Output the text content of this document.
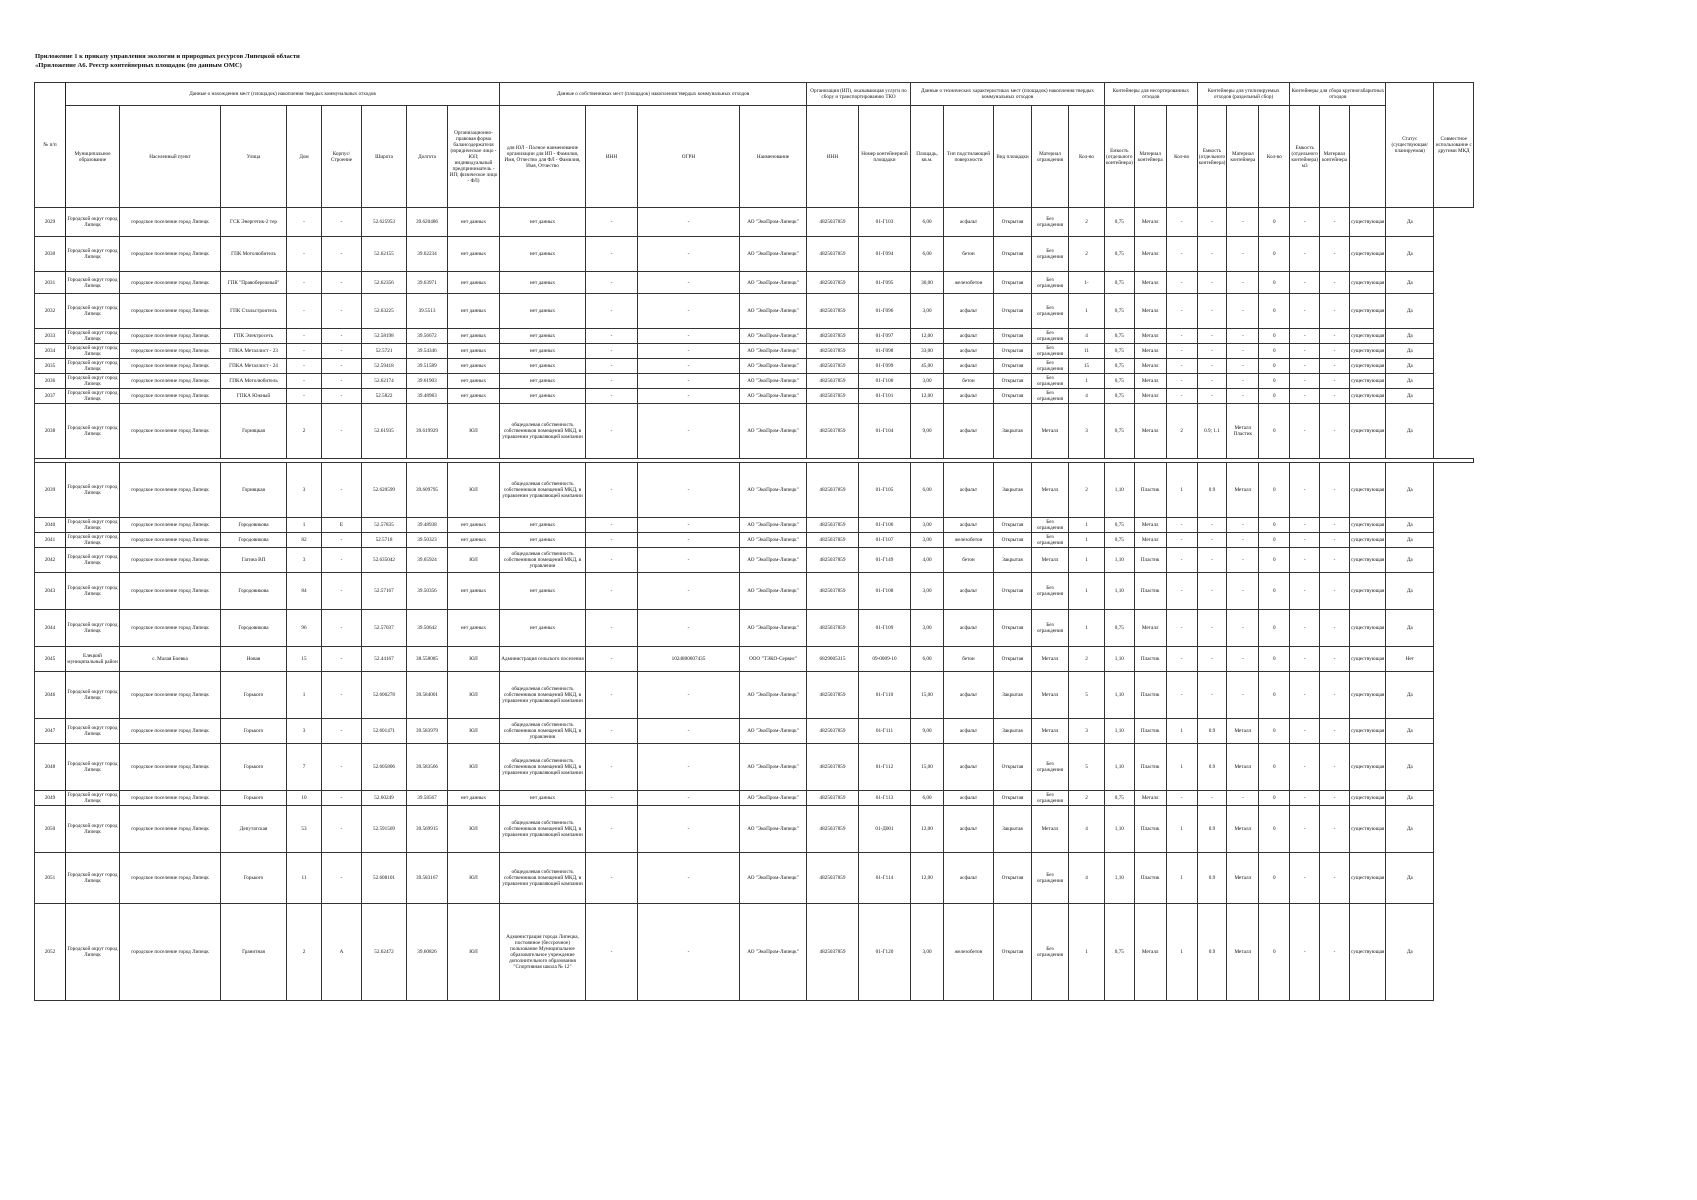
Приложение 1 к приказу управления экологии и природных ресурсов Липецкой области
«Приложение А6. Реестр контейнерных площадок (по данным ОМС)
№ п/п	Данные о нахождении мест (площадок) накопления твердых коммунальных отходов								Данные о собственниках мест (площадок) накопления твердых коммунальных отходов				Организация (ИП), оказывающая услуги по сбору и транспортированию ТКО		Данные о технических характеристиках мест (площадок) накопления твердых коммунальных отходов					Контейнеры для несортированных отходов			Контейнеры для утилизируемых отходов (раздельный сбор)			Контейнеры для сбора крупногабаритных отходов			Статус (существующая/ планируемая)	Совместное использование с другими МКД
	Муниципальное образование	Населенный пункт	Улица	Дом	Корпус/Строение	Широта	Долгота	Организационно-правовая форма балансодержателя (юридическое лицо - ЮЛ; индивидуальный предприниматель - ИП; физическое лицо - ФЛ)	для ЮЛ - Полное наименование организации для ИП - Фамилия, Имя, Отчество для ФЛ - Фамилия, Имя, Отчество	ИНН	ОГРН	Наименование	ИНН	Номер контейнерной площадки	Площадь, кв.м.	Тип подстилающей поверхности	Вид площадки	Материал ограждения	Кол-во	Емкость (отдельного контейнера)	Материал контейнера	Кол-во	Емкость (отдельного контейнера)	Материал контейнера	Кол-во	Емкость (отдельного контейнера) м3	Материал контейнера			
2029	Городской округ город Липецк	городское поселение город Липецк	ГСК Энергетик-2 тер	-	-	52.625953	39.620486	нет данных	нет данных	-	-	АО "ЭкоПром-Липецк"	4825037859	01-Г103	6,00	асфальт	Открытая	Без ограждения	2	0,75	Металл	-	-	-	0	-	-	существующая	Да	
2030	Городской округ город Липецк	городское поселение город Липецк	ГПК Мотолюбитель	-	-	52.62155	39.62234	нет данных	нет данных	-	-	АО "ЭкоПром-Липецк"	4825037859	01-Г094	6,00	бетон	Открытая	Без ограждения	2	0,75	Металл	-	-	-	0	-	-	существующая	Да	
2031	Городской округ город Липецк	городское поселение город Липецк	ГПК "Правобережный"	-	-	52.62356	39.63971	нет данных	нет данных	-	-	АО "ЭкоПром-Липецк"	4825037859	01-Г095	30,00	железобетон	Открытая	Без ограждения	1-	0,75	Металл	-	-	-	0	-	-	существующая	Да	
2032	Городской округ город Липецк	городское поселение город Липецк	ГПК Стальстроитель	-	-	52.63225	39.5513	нет данных	нет данных	-	-	АО "ЭкоПром-Липецк"	4825037859	01-Г096	3,00	асфальт	Открытая	Без ограждения	1	0,75	Металл	-	-	-	0	-	-	существующая	Да	
2033	Городской округ город Липецк	городское поселение город Липецк	ГПК Электросеть	-	-	52.58198	39.56672	нет данных	нет данных	-	-	АО "ЭкоПром-Липецк"	4825037859	01-Г097	12,00	асфальт	Открытая	Без ограждения	4	0,75	Металл	-	-	-	0	-	-	существующая	Да	
2034	Городской округ город Липецк	городское поселение город Липецк	ГПКА Металлист - 23	-	-	52.5721	39.54346	нет данных	нет данных	-	-	АО "ЭкоПром-Липецк"	4825037859	01-Г098	33,00	асфальт	Открытая	Без ограждения	11	0,75	Металл	-	-	-	0	-	-	существующая	Да	
2035	Городской округ город Липецк	городское поселение город Липецк	ГПКА Металлист - 24	-	-	52.59418	39.51589	нет данных	нет данных	-	-	АО "ЭкоПром-Липецк"	4825037859	01-Г099	45,00	асфальт	Открытая	Без ограждения	15	0,75	Металл	-	-	-	0	-	-	существующая	Да	
2036	Городской округ город Липецк	городское поселение город Липецк	ГПКА Мотолюбитель	-	-	52.62174	39.61903	нет данных	нет данных	-	-	АО "ЭкоПром-Липецк"	4825037859	01-Г100	3,00	бетон	Открытая	Без ограждения	1	0,75	Металл	-	-	-	0	-	-	существующая	Да	
2037	Городской округ город Липецк	городское поселение город Липецк	ГПКА Южный	-	-	52.5822	39.48983	нет данных	нет данных	-	-	АО "ЭкоПром-Липецк"	4825037859	01-Г101	12,00	асфальт	Открытая	Без ограждения	4	0,75	Металл	-	-	-	0	-	-	существующая	Да	
2038	Городской округ город Липецк	городское поселение город Липецк	Горняцкая	2	-	52.61935	39.619929	ЮЛ	общедолевая собственность собственников помещений МКД, в управлении управляющей компании	-	-	АО "ЭкоПром-Липецк"	4825037859	01-Г104	9,00	асфальт	Закрытая	Металл	3	0,75	Металл	2	0.9; 1.1	Металл Пластик	0	-	-	существующая	Да	

2039	Городской округ город Липецк	городское поселение город Липецк	Горняцкая	3	-	52.620599	39.609795	ЮЛ	общедолевая собственность собственников помещений МКД, в управлении управляющей компании	-	-	АО "ЭкоПром-Липецк"	4825037859	01-Г105	6,00	асфальт	Закрытая	Металл	2	1,10	Пластик	1	0.9	Металл	0	-	-	существующая	Да	
2040	Городской округ город Липецк	городское поселение город Липецк	Городовикова	1	Е	52.57835	39.48938	нет данных	нет данных	-	-	АО "ЭкоПром-Липецк"	4825037859	01-Г106	3,00	асфальт	Открытая	Без ограждения	1	0,75	Металл	-	-	-	0	-	-	существующая	Да	
2041	Городской округ город Липецк	городское поселение город Липецк	Городовикова	82	-	52.5718	39.50323	нет данных	нет данных	-	-	АО "ЭкоПром-Липецк"	4825037859	01-Г107	3,00	железобетон	Открытая	Без ограждения	1	0,75	Металл	-	-	-	0	-	-	существующая	Да	
2042	Городской округ город Липецк	городское поселение город Липецк	Гагина ВП	3	-	52.635042	39.65924	ЮЛ	общедолевая собственность собственников помещений МКД, в управлении	-	-	АО "ЭкоПром-Липецк"	4825037859	01-Г149	4,00	бетон	Закрытая	Металл	1	1,10	Пластик	-	-	-	0	-	-	существующая	Да	
2043	Городской округ город Липецк	городское поселение город Липецк	Городовикова	84	-	52.57167	39.50356	нет данных	нет данных	-	-	АО "ЭкоПром-Липецк"	4825037859	01-Г108	3,00	асфальт	Открытая	Без ограждения	1	1,10	Пластик	-	-	-	0	-	-	существующая	Да	
2044	Городской округ город Липецк	городское поселение город Липецк	Городовикова	96	-	52.57037	39.50642	нет данных	нет данных	-	-	АО "ЭкоПром-Липецк"	4825037859	01-Г109	3,00	асфальт	Открытая	Без ограждения	1	0,75	Металл	-	-	-	0	-	-	существующая	Да	
2045	Елецкий муниципальный район	с. Малая Боевка	Новая	15	-	52.44167	38.558085	ЮЛ	Администрация сельского поселения	-	1024800607435	ООО "ТЭКО-Сервис"	6829005315	09-0009-10	6,00	бетон	Открытая	Металл	2	1,10	Пластик	-	-	-	0	-	-	существующая	Нет	
2046	Городской округ город Липецк	городское поселение город Липецк	Горького	1	-	52.600278	39.584001	ЮЛ	общедолевая собственность собственников помещений МКД, в управлении управляющей компании	-	-	АО "ЭкоПром-Липецк"	4825037859	01-Г110	15,00	асфальт	Закрытая	Металл	5	1,10	Пластик	-	-	-	0	-	-	существующая	Да	
2047	Городской округ город Липецк	городское поселение город Липецк	Горького	3	-	52.601471	39.583979	ЮЛ	общедолевая собственность собственников помещений МКД, в управлении	-	-	АО "ЭкоПром-Липецк"	4825037859	01-Г111	9,00	асфальт	Закрытая	Металл	3	1,10	Пластик	1	0.9	Металл	0	-	-	существующая	Да	
2048	Городской округ город Липецк	городское поселение город Липецк	Горького	7	-	52.605806	39.583566	ЮЛ	общедолевая собственность собственников помещений МКД, в управлении управляющей компании	-	-	АО "ЭкоПром-Липецк"	4825037859	01-Г112	15,00	асфальт	Открытая	Без ограждения	5	1,10	Пластик	1	0.9	Металл	0	-	-	существующая	Да	
2049	Городской округ город Липецк	городское поселение город Липецк	Горького	10	-	52.60249	39.58567	нет данных	нет данных	-	-	АО "ЭкоПром-Липецк"	4825037859	01-Г113	6,00	асфальт	Открытая	Без ограждения	2	0,75	Металл	-	-	-	0	-	-	существующая	Да	
2050	Городской округ город Липецк	городское поселение город Липецк	Депутатская	53	-	52.591569	39.569915	ЮЛ	общедолевая собственность собственников помещений МКД, в управлении управляющей компании	-	-	АО "ЭкоПром-Липецк"	4825037859	01-Д001	12,00	асфальт	Закрытая	Металл	4	1,10	Пластик	1	0.9	Металл	0	-	-	существующая	Да	
2051	Городской округ город Липецк	городское поселение город Липецк	Горького	11	-	52.608101	39.583167	ЮЛ	общедолевая собственность собственников помещений МКД, в управлении управляющей компании	-	-	АО "ЭкоПром-Липецк"	4825037859	01-Г114	12,00	асфальт	Открытая	Без ограждения	4	1,10	Пластик	1	0.9	Металл	0	-	-	существующая	Да	
2052	Городской округ город Липецк	городское поселение город Липецк	Гранитная	2	А	52.62472	39.60826	ЮЛ	Администрация города Липецка, постоянное (бессрочное) пользование Муниципальное образовательное учреждение дополнительного образования "Спортивная школа № 12"	-	-	АО "ЭкоПром-Липецк"	4825037859	01-Г120	3,00	железобетон	Открытая	Без ограждения	1	0,75	Металл	1	0.9	Металл	0	-	-	существующая	Да	
